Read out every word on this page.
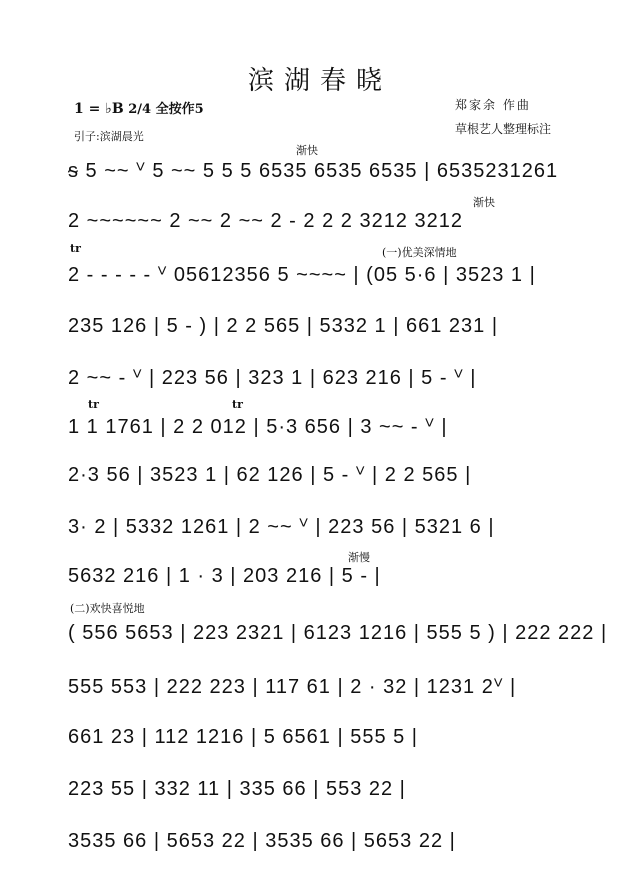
滨湖春晓
1 = ♭B 2/4 全按作5	郑家余 作曲
草根艺人整理标注
引子:滨湖晨光
(一)优美深情地
(二)欢快喜悦地
渐快
渐快
渐慢
tr
tr	tr
ᵴ 5 ~~ ⱽ 5 ~~ 5 5 5 6535 6535 6535 | 6535231261
2 ~~~~~~ 2 ~~ 2 ~~ 2 - 2 2 2 3212 3212
2 - - - - - ⱽ 05612356 5 ~~~~ | (05 5·6 | 3523 1 |
235 126 | 5 - ) | 2 2 565 | 5332 1 | 661 231 |
2 ~~ - ⱽ | 223 56 | 323 1 | 623 216 | 5 - ⱽ |
1 1 1761 | 2 2 012 | 5·3 656 | 3 ~~ - ⱽ |
2·3 56 | 3523 1 | 62 126 | 5 - ⱽ | 2 2 565 |
3· 2 | 5332 1261 | 2 ~~ ⱽ | 223 56 | 5321 6 |
5632 216 | 1 · 3 | 203 216 | 5 - |
( 556 5653 | 223 2321 | 6123 1216 | 555 5 ) | 222 222 |
555 553 | 222 223 | 117 61 | 2 · 32 | 1231 2ⱽ |
661 23 | 112 1216 | 5 6561 | 555 5 |
223 55 | 332 11 | 335 66 | 553 22 |
3535 66 | 5653 22 | 3535 66 | 5653 22 |
